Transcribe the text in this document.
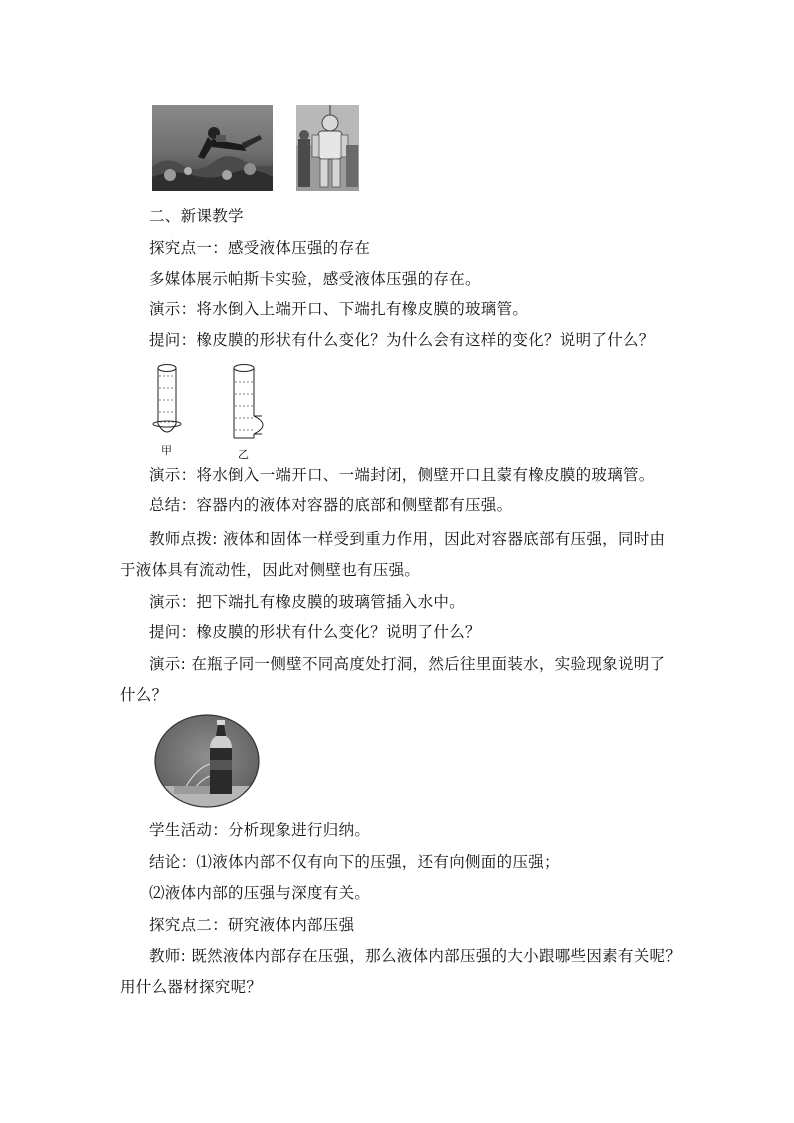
二、新课教学
探究点一：感受液体压强的存在
多媒体展示帕斯卡实验，感受液体压强的存在。
演示：将水倒入上端开口、下端扎有橡皮膜的玻璃管。
提问：橡皮膜的形状有什么变化？为什么会有这样的变化？说明了什么？
甲	乙
演示：将水倒入一端开口、一端封闭，侧壁开口且蒙有橡皮膜的玻璃管。
总结：容器内的液体对容器的底部和侧壁都有压强。
教师点拨: 液体和固体一样受到重力作用，因此对容器底部有压强，同时由
于液体具有流动性，因此对侧壁也有压强。
演示：把下端扎有橡皮膜的玻璃管插入水中。
提问：橡皮膜的形状有什么变化？说明了什么？
演示: 在瓶子同一侧壁不同高度处打洞，然后往里面装水，实验现象说明了
什么？
学生活动：分析现象进行归纳。
结论：⑴液体内部不仅有向下的压强，还有向侧面的压强；
⑵液体内部的压强与深度有关。
探究点二：研究液体内部压强
教师: 既然液体内部存在压强，那么液体内部压强的大小跟哪些因素有关呢？
用什么器材探究呢？
